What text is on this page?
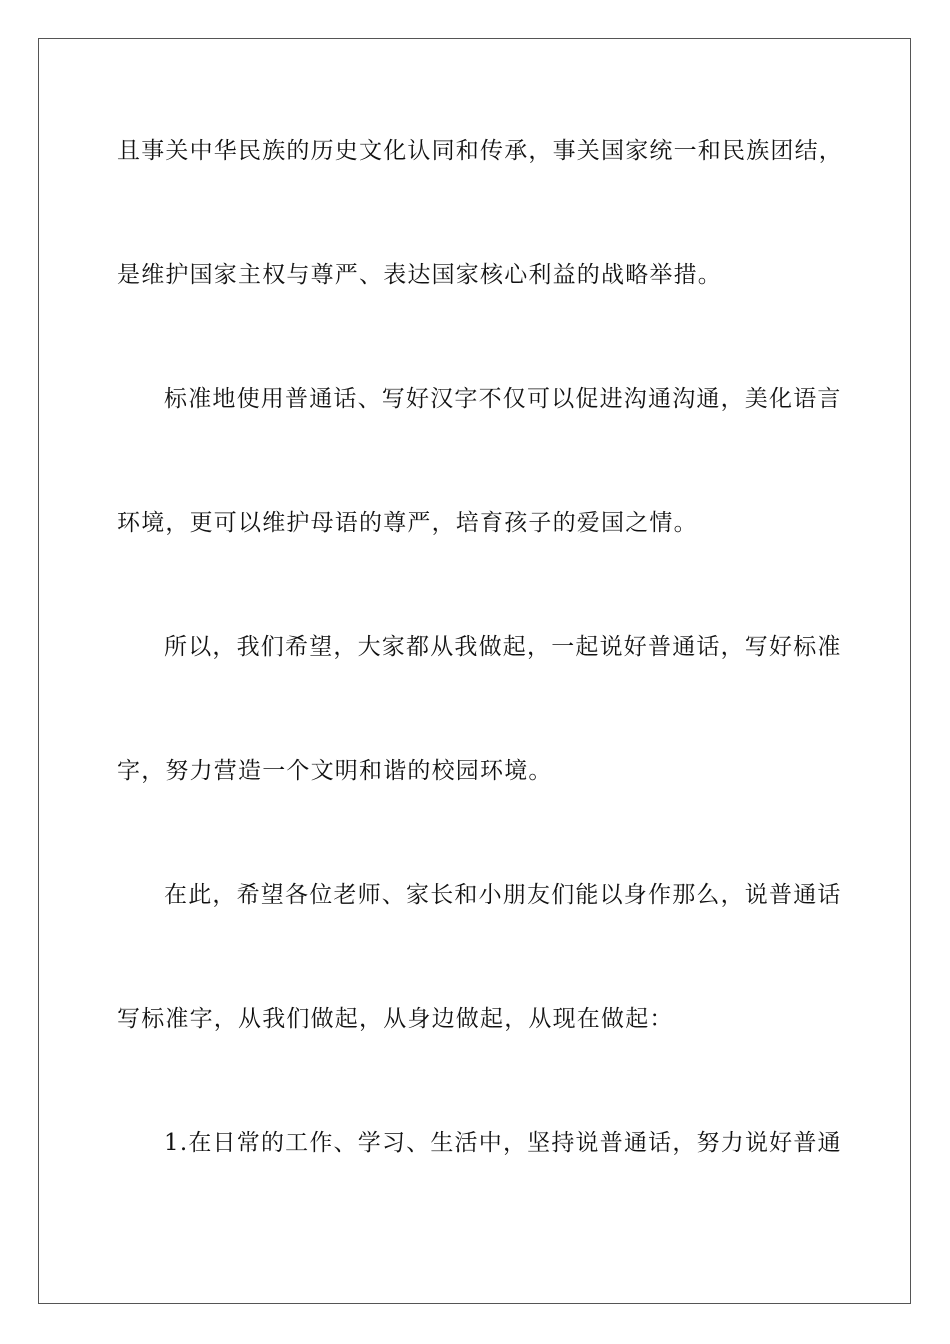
且事关中华民族的历史文化认同和传承，事关国家统一和民族团结，
是维护国家主权与尊严、表达国家核心利益的战略举措。
标准地使用普通话、写好汉字不仅可以促进沟通沟通，美化语言
环境，更可以维护母语的尊严，培育孩子的爱国之情。
所以，我们希望，大家都从我做起，一起说好普通话，写好标准
字，努力营造一个文明和谐的校园环境。
在此，希望各位老师、家长和小朋友们能以身作那么，说普通话
写标准字，从我们做起，从身边做起，从现在做起：
1.在日常的工作、学习、生活中，坚持说普通话，努力说好普通
